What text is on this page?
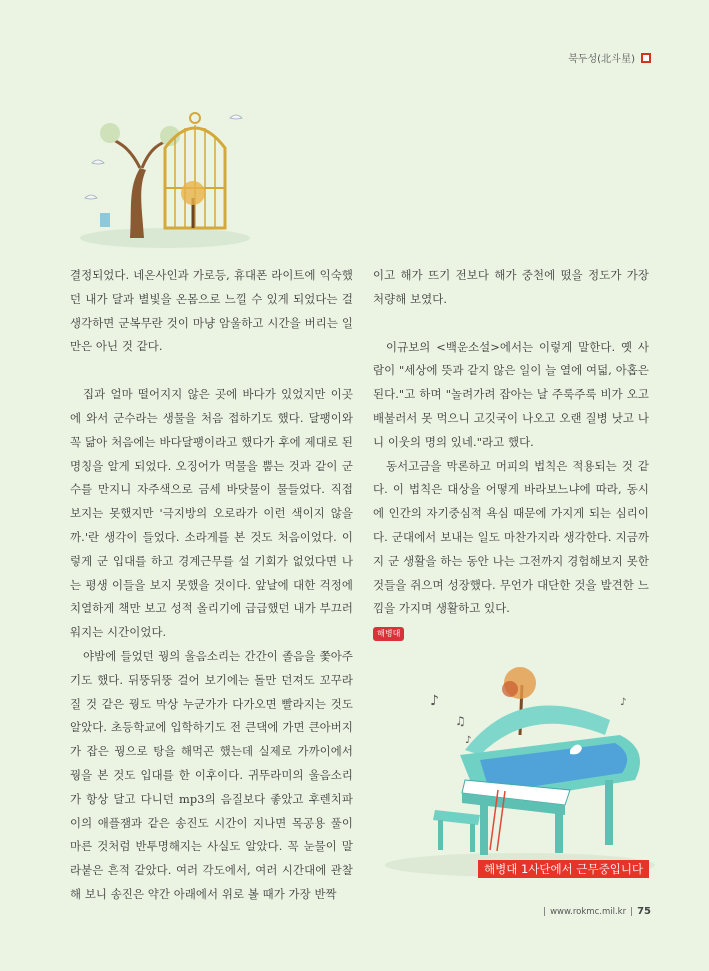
북두성(北斗星)

결정되었다. 네온사인과 가로등, 휴대폰 라이트에 익숙했던 내가 달과 별빛을 온몸으로 느낄 수 있게 되었다는 걸 생각하면 군복무란 것이 마냥 암울하고 시간을 버리는 일만은 아닌 것 같다.

집과 얼마 떨어지지 않은 곳에 바다가 있었지만 이곳에 와서 군수라는 생물을 처음 접하기도 했다. 달팽이와 꼭 닮아 처음에는 바다달팽이라고 했다가 후에 제대로 된 명칭을 알게 되었다. 오징어가 먹물을 뿜는 것과 같이 군수를 만지니 자주색으로 금세 바닷물이 물들었다. 직접 보지는 못했지만 '극지방의 오로라가 이런 색이지 않을까.'란 생각이 들었다. 소라게를 본 것도 처음이었다. 이렇게 군 입대를 하고 경계근무를 설 기회가 없었다면 나는 평생 이들을 보지 못했을 것이다. 앞날에 대한 걱정에 치열하게 책만 보고 성적 올리기에 급급했던 내가 부끄러워지는 시간이었다.

야밤에 들었던 꿩의 울음소리는 간간이 졸음을 쫓아주기도 했다. 뒤뚱뒤뚱 걸어 보기에는 돌만 던져도 꼬꾸라질 것 같은 꿩도 막상 누군가가 다가오면 빨라지는 것도 알았다. 초등학교에 입학하기도 전 큰댁에 가면 큰아버지가 잡은 꿩으로 탕을 해먹곤 했는데 실제로 가까이에서 꿩을 본 것도 입대를 한 이후이다. 귀뚜라미의 울음소리가 항상 달고 다니던 mp3의 음질보다 좋았고 후렌치파이의 애플잼과 같은 송진도 시간이 지나면 목공용 풀이 마른 것처럼 반투명해지는 사실도 알았다. 꼭 눈물이 말라붙은 흔적 같았다. 여러 각도에서, 여러 시간대에 관찰해 보니 송진은 약간 아래에서 위로 볼 때가 가장 반짝

이고 해가 뜨기 전보다 해가 중천에 떴을 정도가 가장 처량해 보였다.

이규보의 <백운소설>에서는 이렇게 말한다. 옛 사람이 "세상에 뜻과 같지 않은 일이 늘 열에 여덟, 아홉은 된다."고 하며 "놀려가려 잡아는 날 주룩주룩 비가 오고 배불러서 못 먹으니 고깃국이 나오고 오랜 질병 낫고 나니 이웃의 명의 있네."라고 했다.

동서고금을 막론하고 머피의 법칙은 적용되는 것 같다. 이 법칙은 대상을 어떻게 바라보느냐에 따라, 동시에 인간의 자기중심적 욕심 때문에 가지게 되는 심리이다. 군대에서 보내는 일도 마찬가지라 생각한다. 지금까지 군 생활을 하는 동안 나는 그전까지 경험해보지 못한 것들을 쥐으며 성장했다. 무언가 대단한 것을 발견한 느낌을 가지며 생활하고 있다.

해병대
♪
♫
♪
♪
해병대 1사단에서 근무중입니다
www.rokmc.mil.kr 75
